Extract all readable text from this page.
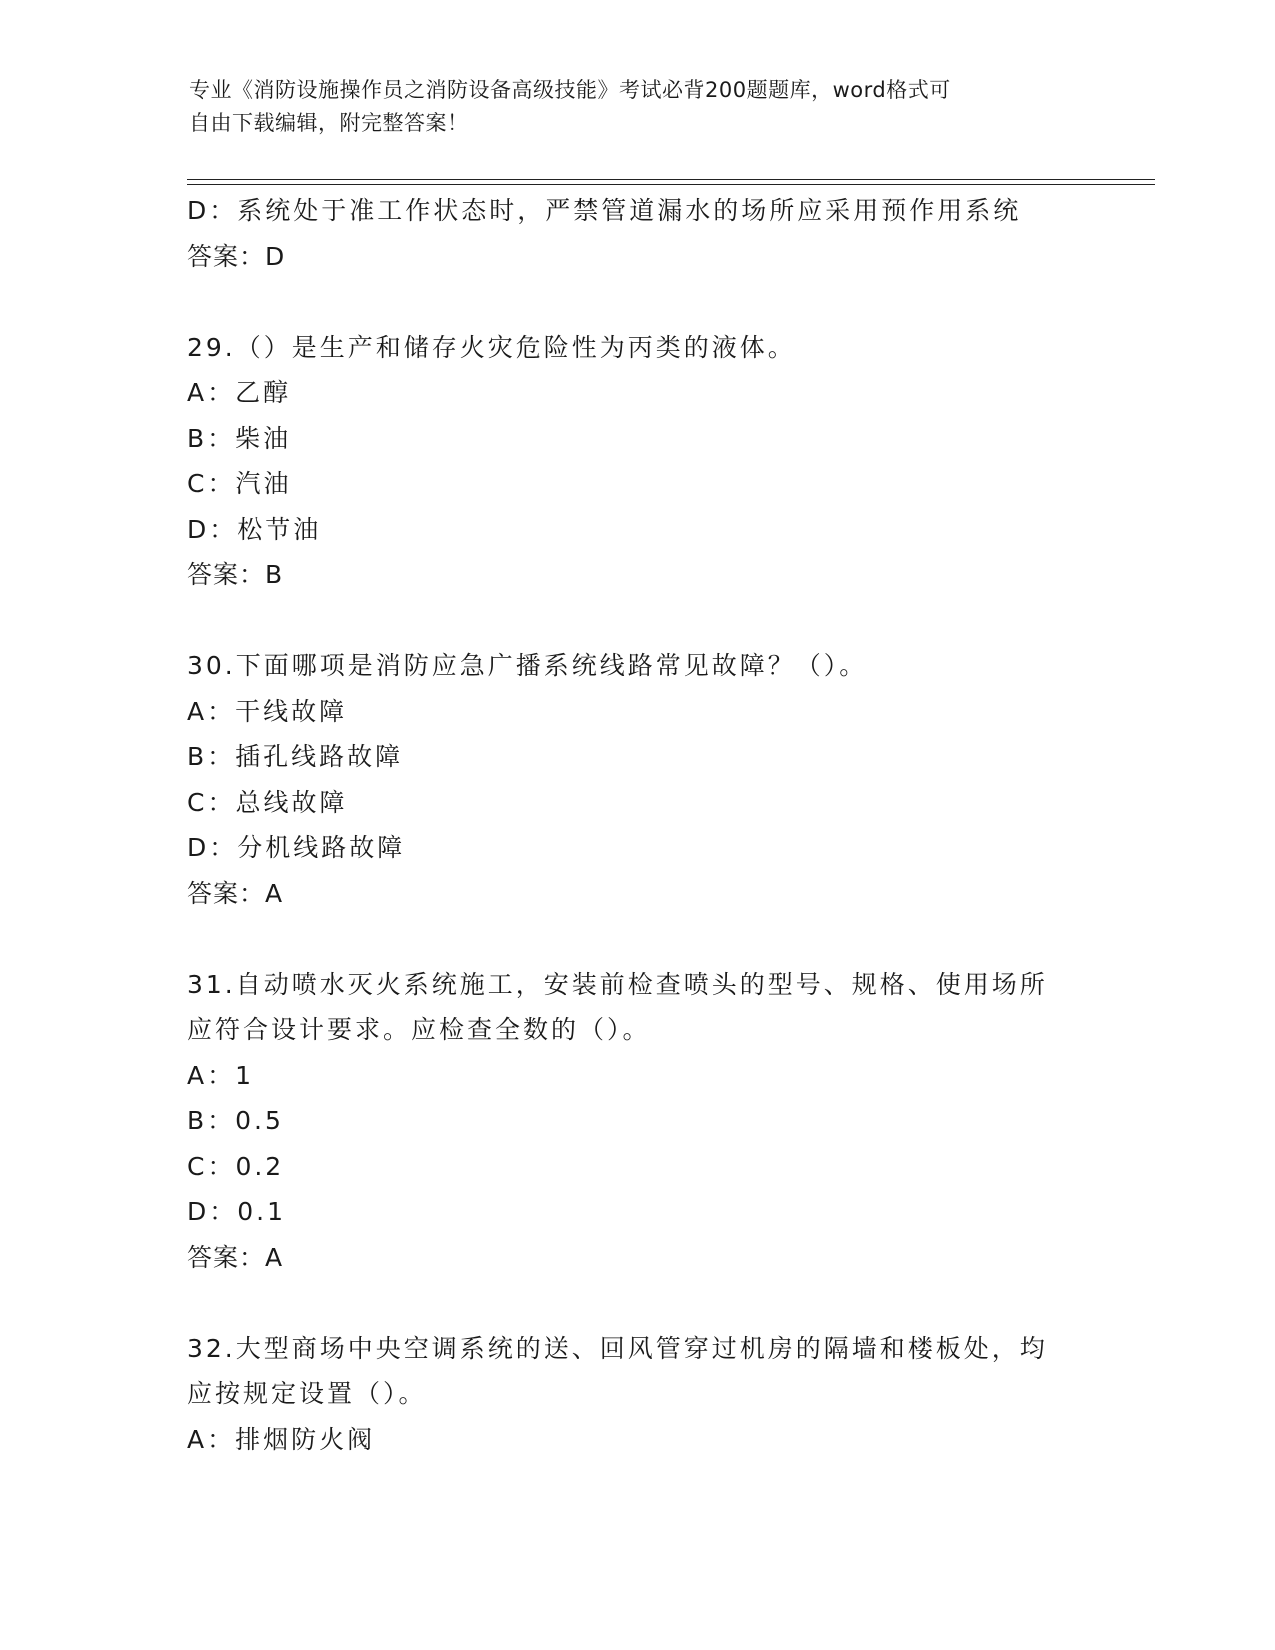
专业《消防设施操作员之消防设备高级技能》考试必背200题题库，word格式可
自由下载编辑，附完整答案！
D：系统处于准工作状态时，严禁管道漏水的场所应采用预作用系统
答案：D
29.（）是生产和储存火灾危险性为丙类的液体。
A：乙醇
B：柴油
C：汽油
D：松节油
答案：B
30.下面哪项是消防应急广播系统线路常见故障？（）。
A：干线故障
B：插孔线路故障
C：总线故障
D：分机线路故障
答案：A
31.自动喷水灭火系统施工，安装前检查喷头的型号、规格、使用场所
应符合设计要求。应检查全数的（）。
A：1
B：0.5
C：0.2
D：0.1
答案：A
32.大型商场中央空调系统的送、回风管穿过机房的隔墙和楼板处，均
应按规定设置（）。
A：排烟防火阀
